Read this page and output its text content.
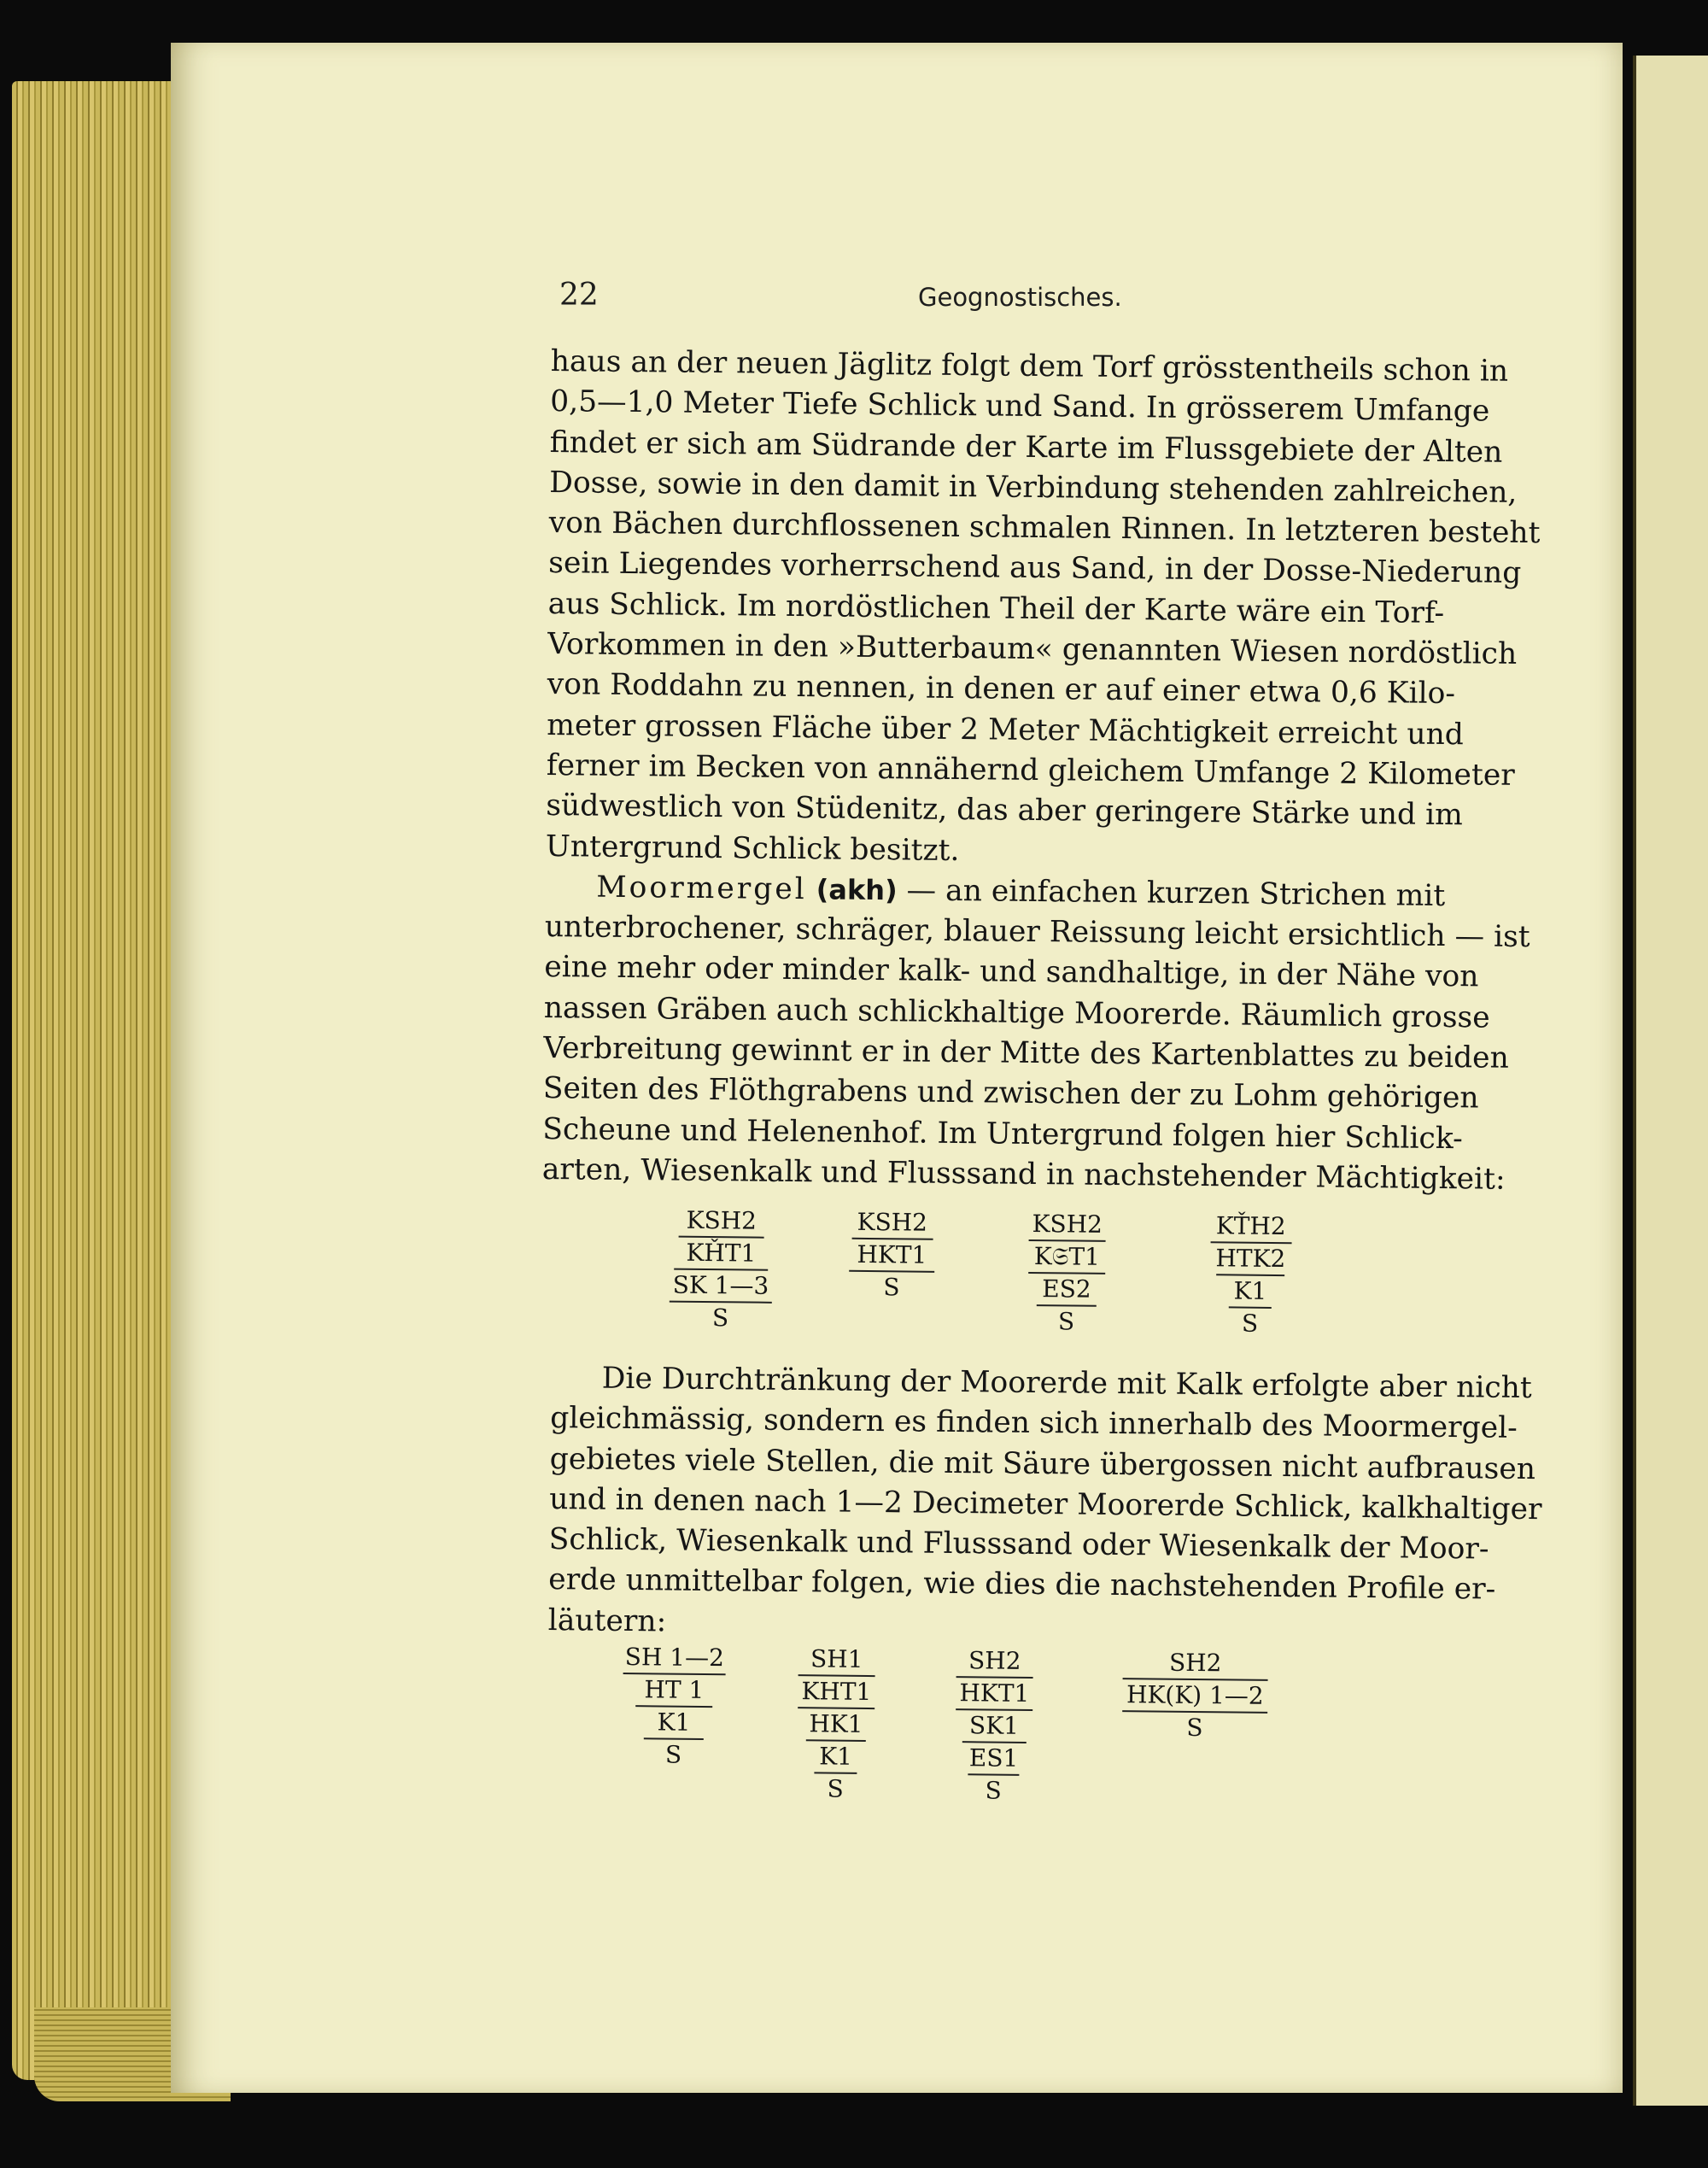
22	Geognostisches.
haus an der neuen Jäglitz folgt dem Torf grösstentheils schon in
0,5—1,0 Meter Tiefe Schlick und Sand. In grösserem Umfange
findet er sich am Südrande der Karte im Flussgebiete der Alten
Dosse, sowie in den damit in Verbindung stehenden zahlreichen,
von Bächen durchflossenen schmalen Rinnen. In letzteren besteht
sein Liegendes vorherrschend aus Sand, in der Dosse-Niederung
aus Schlick. Im nordöstlichen Theil der Karte wäre ein Torf-
Vorkommen in den »Butterbaum« genannten Wiesen nordöstlich
von Roddahn zu nennen, in denen er auf einer etwa 0,6 Kilo-
meter grossen Fläche über 2 Meter Mächtigkeit erreicht und
ferner im Becken von annähernd gleichem Umfange 2 Kilometer
südwestlich von Stüdenitz, das aber geringere Stärke und im
Untergrund Schlick besitzt.
Moormergel (akh) — an einfachen kurzen Strichen mit
unterbrochener, schräger, blauer Reissung leicht ersichtlich — ist
eine mehr oder minder kalk- und sandhaltige, in der Nähe von
nassen Gräben auch schlickhaltige Moorerde. Räumlich grosse
Verbreitung gewinnt er in der Mitte des Kartenblattes zu beiden
Seiten des Flöthgrabens und zwischen der zu Lohm gehörigen
Scheune und Helenenhof. Im Untergrund folgen hier Schlick-
arten, Wiesenkalk und Flusssand in nachstehender Mächtigkeit:
KSH2
KȞT1
SK 1—3
S
KSH2
HKT1
S
KSH2
K𝔖T1
ES2
S
KŤH2
HTK2
K1
S
Die Durchtränkung der Moorerde mit Kalk erfolgte aber nicht
gleichmässig, sondern es finden sich innerhalb des Moormergel-
gebietes viele Stellen, die mit Säure übergossen nicht aufbrausen
und in denen nach 1—2 Decimeter Moorerde Schlick, kalkhaltiger
Schlick, Wiesenkalk und Flusssand oder Wiesenkalk der Moor-
erde unmittelbar folgen, wie dies die nachstehenden Profile er-
läutern:
SH 1—2
HT 1
K1
S
SH1
KHT1
HK1
K1
S
SH2
HKT1
SK1
ES1
S
SH2
HK(K) 1—2
S
